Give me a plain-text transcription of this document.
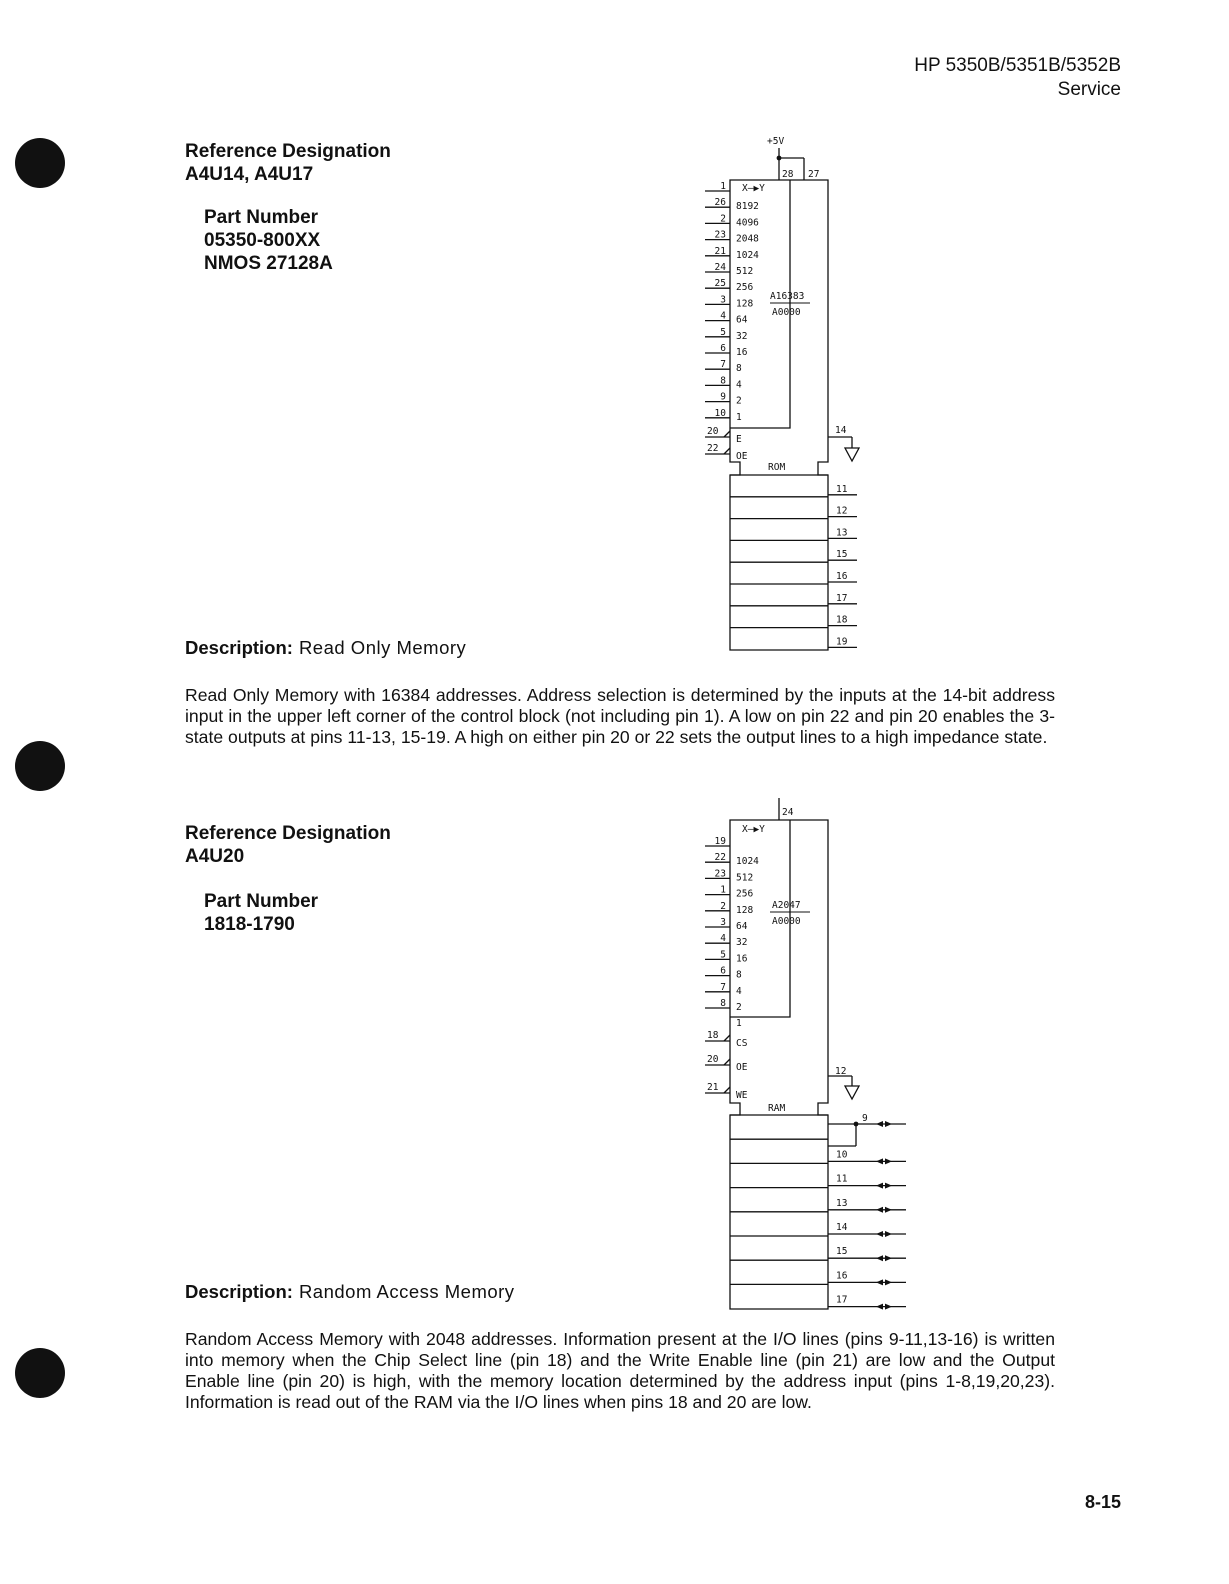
HP 5350B/5351B/5352B
Service
Reference Designation
A4U14, A4U17
Part Number
05350-800XX
NMOS 27128A
Description: Read Only Memory
Read Only Memory with 16384 addresses. Address selection is determined by the inputs at the 14-bit address input in the upper left corner of the control block (not including pin 1). A low on pin 22 and pin 20 enables the 3-state outputs at pins 11-13, 15-19. A high on either pin 20 or 22 sets the output lines to a high impedance state.
Reference Designation
A4U20
Part Number
1818-1790
Description: Random Access Memory
Random Access Memory with 2048 addresses. Information present at the I/O lines (pins 9-11,13-16) is written into memory when the Chip Select line (pin 18) and the Write Enable line (pin 21) are low and the Output Enable line (pin 20) is high, with the memory location determined by the address input (pins 1-8,19,20,23). Information is read out of the RAM via the I/O lines when pins 18 and 20 are low.
8-15
+5V
28 27
X—▶Y
A16383
A0000
1
26
2
23
21
24
25
3
4
5
6
7
8
9
10
8192
4096
2048
1024
512
256
128
64
32
16
8
4
2
1
20
E
22
OE
ROM
14
11
12
13
15
16
17
18
19
24
X—▶Y
A2047
A0000
19
22
23
1
2
3
4
5
6
7
8
1024
512
256
128
64
32
16
8
4
2
1
18
CS
20
OE
21
WE
RAM
12
9
10
11
13
14
15
16
17
